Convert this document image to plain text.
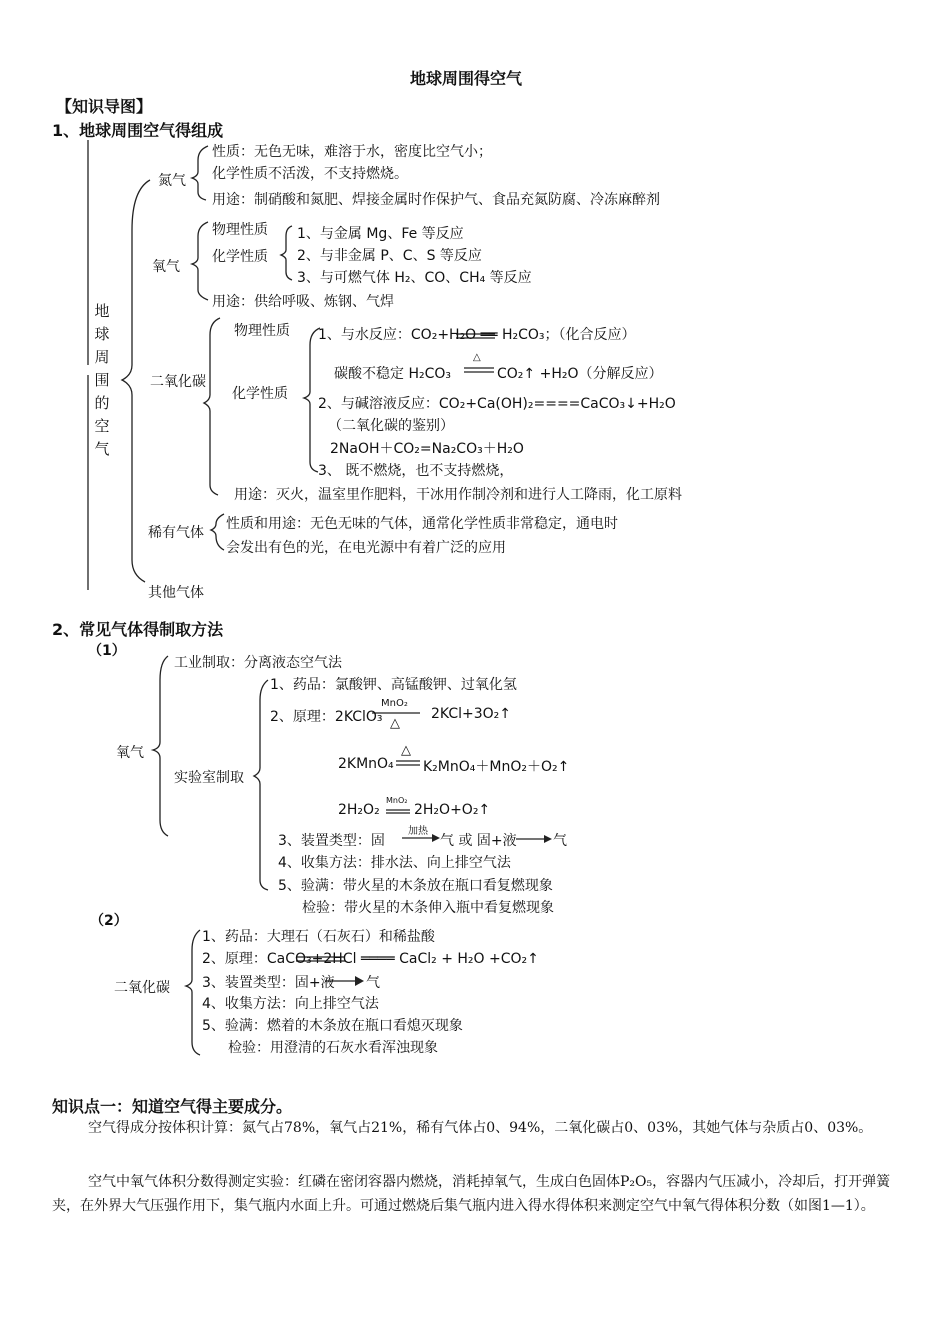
地球周围得空气
【知识导图】
1、地球周围空气得组成
地球周围的空气
氮气
性质：无色无味，难溶于水，密度比空气小；
化学性质不活泼，不支持燃烧。
用途：制硝酸和氮肥、焊接金属时作保护气、食品充氮防腐、冷冻麻醉剂
氧气
物理性质
化学性质
1、与金属 Mg、Fe 等反应
2、与非金属 P、C、S 等反应
3、与可燃气体 H₂、CO、CH₄ 等反应
用途：供给呼吸、炼钢、气焊
二氧化碳
物理性质
化学性质
1、与水反应：CO₂+H₂O ══ H₂CO₃；（化合反应）
碳酸不稳定 H₂CO₃
△
CO₂↑ +H₂O（分解反应）
2、与碱溶液反应：CO₂+Ca(OH)₂====CaCO₃↓+H₂O
（二氧化碳的鉴别）
2NaOH＋CO₂=Na₂CO₃＋H₂O
3、 既不燃烧，也不支持燃烧，
用途：灭火，温室里作肥料，干冰用作制冷剂和进行人工降雨，化工原料
稀有气体
性质和用途：无色无味的气体，通常化学性质非常稳定，通电时
会发出有色的光，在电光源中有着广泛的应用
其他气体
2、常见气体得制取方法
（1）
氧气
工业制取：分离液态空气法
实验室制取
1、药品：氯酸钾、高锰酸钾、过氧化氢
2、原理：2KClO₃
MnO₂
△
2KCl+3O₂↑
2KMnO₄
△
K₂MnO₄＋MnO₂＋O₂↑
2H₂O₂
MnO₂
2H₂O+O₂↑
3、装置类型：固
加热
气 或 固+液	气
4、收集方法：排水法、向上排空气法
5、验满：带火星的木条放在瓶口看复燃现象
检验：带火星的木条伸入瓶中看复燃现象
（2）
二氧化碳
1、药品：大理石（石灰石）和稀盐酸
2、原理：CaCO₃+2HCl ════ CaCl₂ + H₂O +CO₂↑
3、装置类型：固+液 气
4、收集方法：向上排空气法
5、验满：燃着的木条放在瓶口看熄灭现象
检验：用澄清的石灰水看浑浊现象
知识点一：知道空气得主要成分。
空气得成分按体积计算：氮气占78%，氧气占21%，稀有气体占0、94%，二氧化碳占0、03%，其她气体与杂质占0、03%。
空气中氧气体积分数得测定实验：红磷在密闭容器内燃烧，消耗掉氧气，生成白色固体P₂O₅，容器内气压减小，冷却后，打开弹簧夹，在外界大气压强作用下，集气瓶内水面上升。可通过燃烧后集气瓶内进入得水得体积来测定空气中氧气得体积分数（如图1—1）。
